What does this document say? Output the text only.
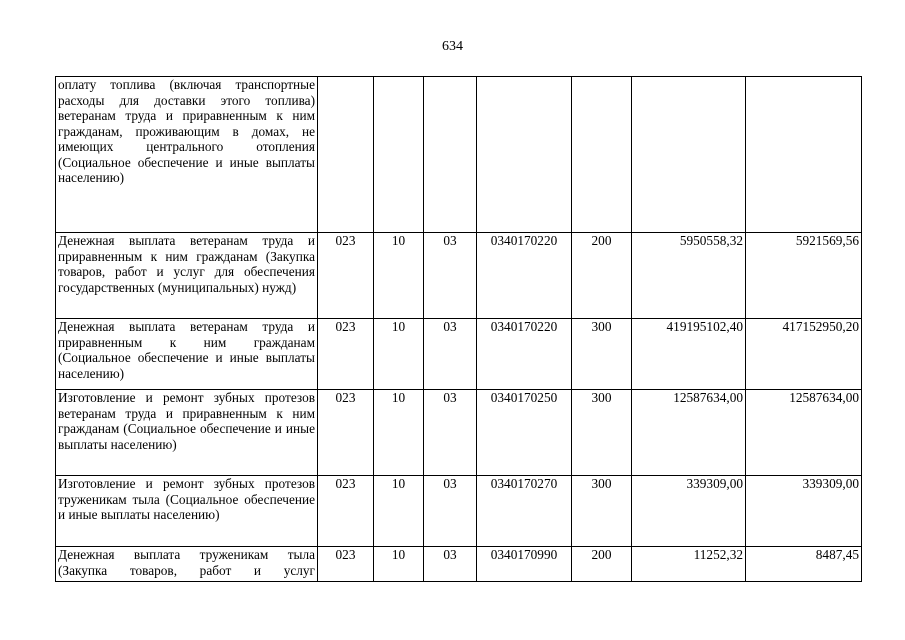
634
оплату топлива (включая транспортные расходы для доставки этого топлива) ветеранам труда и приравненным к ним гражданам, проживающим в домах, не имеющих центрального отопления (Социальное обеспечение и иные выплаты населению)							
Денежная выплата ветеранам труда и приравненным к ним гражданам (Закупка товаров, работ и услуг для обеспечения государственных (муниципальных) нужд)	023	10	03	0340170220	200	5950558,32	5921569,56
Денежная выплата ветеранам труда и приравненным к ним гражданам (Социальное обеспечение и иные выплаты населению)	023	10	03	0340170220	300	419195102,40	417152950,20
Изготовление и ремонт зубных протезов ветеранам труда и приравненным к ним гражданам (Социальное обеспечение и иные выплаты населению)	023	10	03	0340170250	300	12587634,00	12587634,00
Изготовление и ремонт зубных протезов труженикам тыла (Социальное обеспечение и иные выплаты населению)	023	10	03	0340170270	300	339309,00	339309,00
Денежная выплата труженикам тыла (Закупка товаров, работ и услуг	023	10	03	0340170990	200	11252,32	8487,45
